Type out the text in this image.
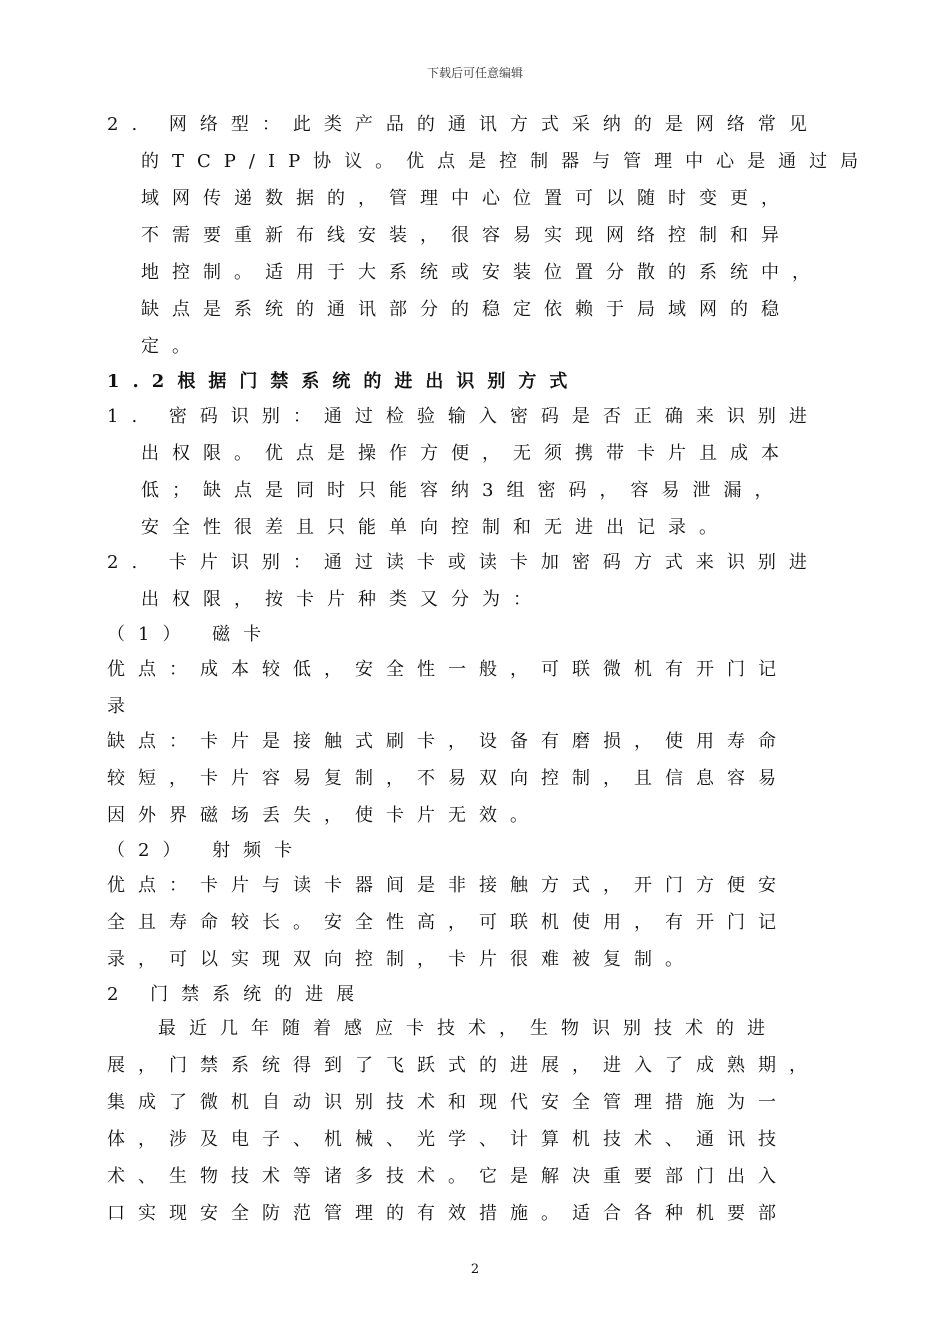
下载后可任意编辑
2. 网络型：此类产品的通讯方式采纳的是网络常见
的TCP/IP协议。优点是控制器与管理中心是通过局
域网传递数据的，管理中心位置可以随时变更，
不需要重新布线安装，很容易实现网络控制和异
地控制。适用于大系统或安装位置分散的系统中，
缺点是系统的通讯部分的稳定依赖于局域网的稳
定。
1.2根据门禁系统的进出识别方式
1. 密码识别：通过检验输入密码是否正确来识别进
出权限。优点是操作方便，无须携带卡片且成本
低；缺点是同时只能容纳3组密码，容易泄漏，
安全性很差且只能单向控制和无进出记录。
2. 卡片识别：通过读卡或读卡加密码方式来识别进
出权限，按卡片种类又分为：
（1） 磁卡
优点：成本较低，安全性一般，可联微机有开门记
录
缺点：卡片是接触式刷卡，设备有磨损，使用寿命
较短，卡片容易复制，不易双向控制，且信息容易
因外界磁场丢失，使卡片无效。
（2） 射频卡
优点：卡片与读卡器间是非接触方式，开门方便安
全且寿命较长。安全性高，可联机使用，有开门记
录，可以实现双向控制，卡片很难被复制。
2 门禁系统的进展
最近几年随着感应卡技术，生物识别技术的进
展，门禁系统得到了飞跃式的进展，进入了成熟期，
集成了微机自动识别技术和现代安全管理措施为一
体，涉及电子、机械、光学、计算机技术、通讯技
术、生物技术等诸多技术。它是解决重要部门出入
口实现安全防范管理的有效措施。适合各种机要部
2
